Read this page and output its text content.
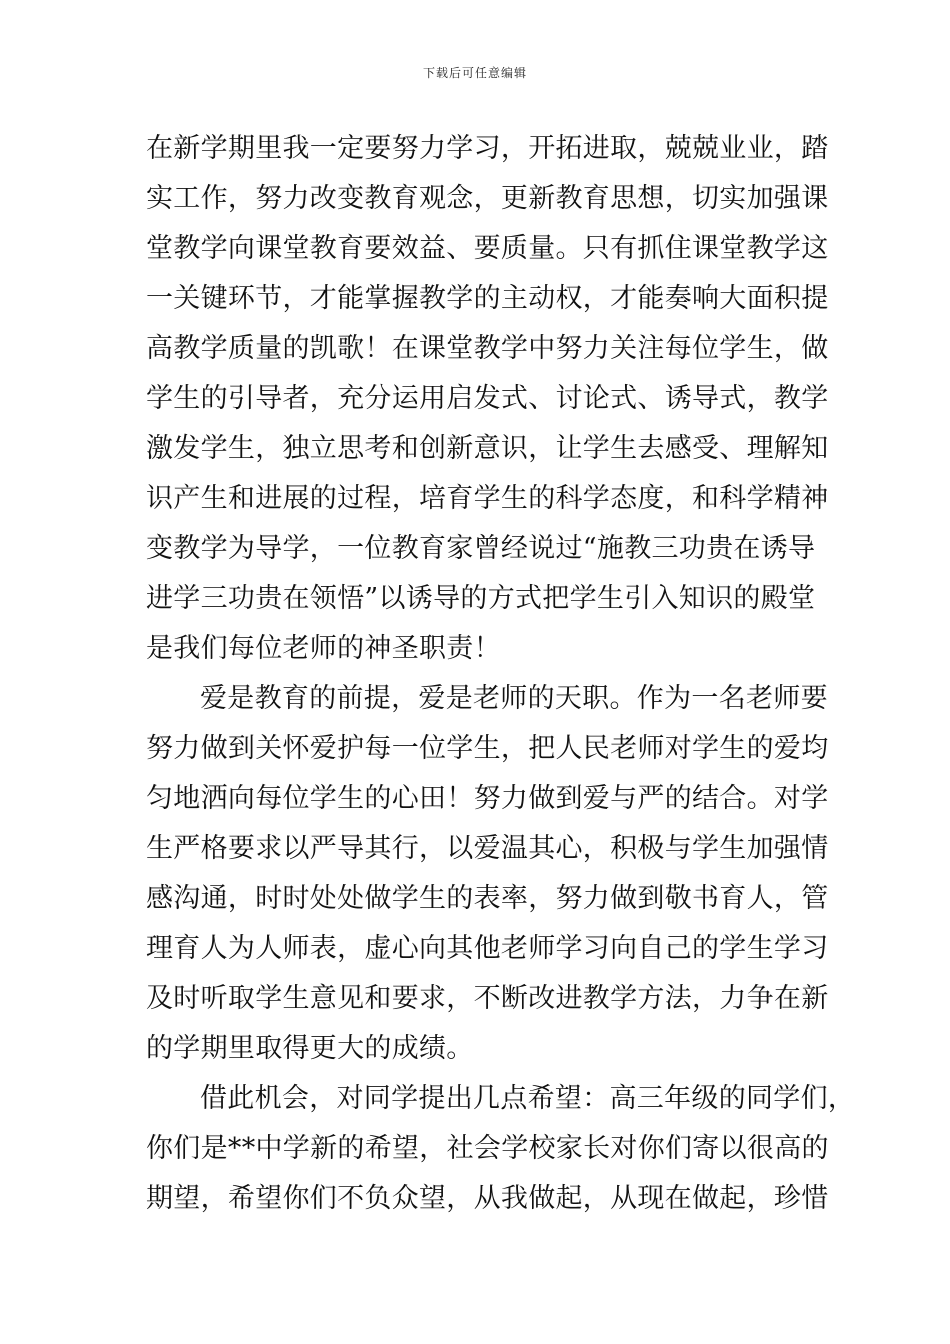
下载后可任意编辑
在新学期里我一定要努力学习，开拓进取，兢兢业业，踏
实工作，努力改变教育观念，更新教育思想，切实加强课
堂教学向课堂教育要效益、要质量。只有抓住课堂教学这
一关键环节，才能掌握教学的主动权，才能奏响大面积提
高教学质量的凯歌！在课堂教学中努力关注每位学生，做
学生的引导者，充分运用启发式、讨论式、诱导式，教学
激发学生，独立思考和创新意识，让学生去感受、理解知
识产生和进展的过程，培育学生的科学态度，和科学精神
变教学为导学，一位教育家曾经说过“施教三功贵在诱导
进学三功贵在领悟”以诱导的方式把学生引入知识的殿堂
是我们每位老师的神圣职责！
爱是教育的前提，爱是老师的天职。作为一名老师要
努力做到关怀爱护每一位学生，把人民老师对学生的爱均
匀地洒向每位学生的心田！努力做到爱与严的结合。对学
生严格要求以严导其行，以爱温其心，积极与学生加强情
感沟通，时时处处做学生的表率，努力做到敬书育人，管
理育人为人师表，虚心向其他老师学习向自己的学生学习
及时听取学生意见和要求，不断改进教学方法，力争在新
的学期里取得更大的成绩。
借此机会，对同学提出几点希望：高三年级的同学们，
你们是**中学新的希望，社会学校家长对你们寄以很高的
期望，希望你们不负众望，从我做起，从现在做起，珍惜
